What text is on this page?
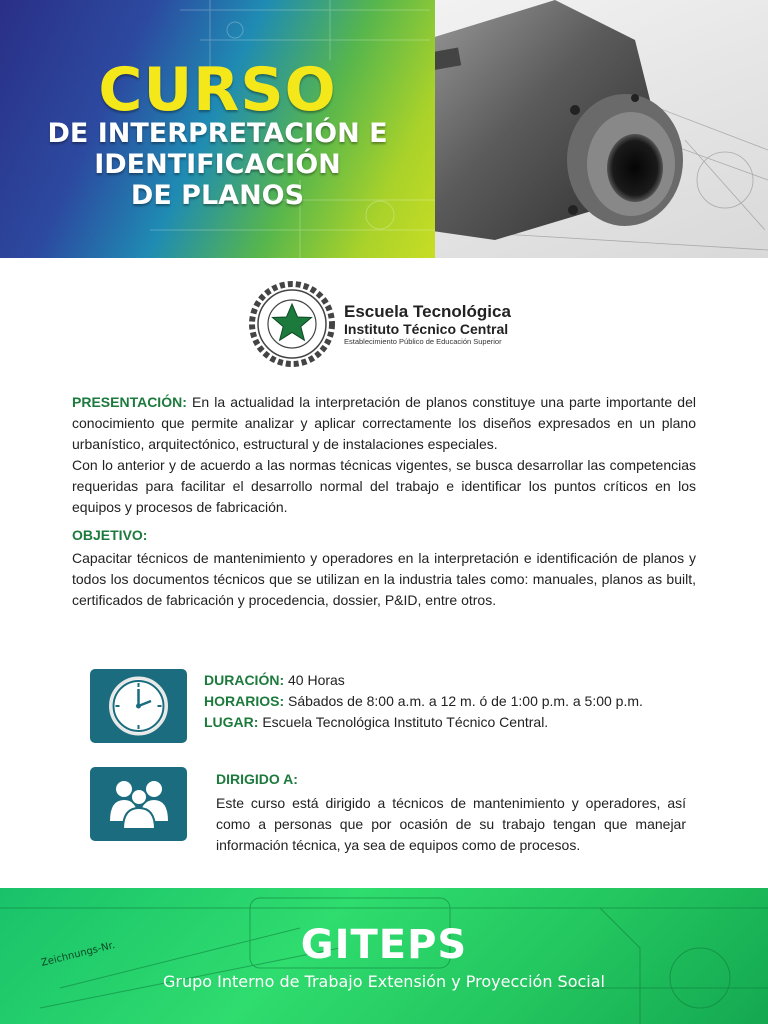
CURSO
DE INTERPRETACIÓN E
IDENTIFICACIÓN
DE PLANOS
Escuela Tecnológica
Instituto Técnico Central
Establecimiento Público de Educación Superior
PRESENTACIÓN: En la actualidad la interpretación de planos constituye una parte importante del conocimiento que permite analizar y aplicar correctamente los diseños expresados en un plano urbanístico, arquitectónico, estructural y de instalaciones especiales.
Con lo anterior y de acuerdo a las normas técnicas vigentes, se busca desarrollar las competencias requeridas para facilitar el desarrollo normal del trabajo e identificar los puntos críticos en los equipos y procesos de fabricación.
OBJETIVO:
Capacitar técnicos de mantenimiento y operadores en la interpretación e identificación de planos y todos los documentos técnicos que se utilizan en la industria tales como: manuales, planos as built, certificados de fabricación y procedencia, dossier, P&ID, entre otros.
DURACIÓN: 40 Horas
HORARIOS: Sábados de 8:00 a.m. a 12 m. ó de 1:00 p.m. a 5:00 p.m.
LUGAR: Escuela Tecnológica Instituto Técnico Central.
DIRIGIDO A:
Este curso está dirigido a técnicos de mantenimiento y operadores, así como a personas que por ocasión de su trabajo tengan que manejar información técnica, ya sea de equipos como de procesos.
Zeichnungs-Nr.	GITEPS
Grupo Interno de Trabajo Extensión y Proyección Social
